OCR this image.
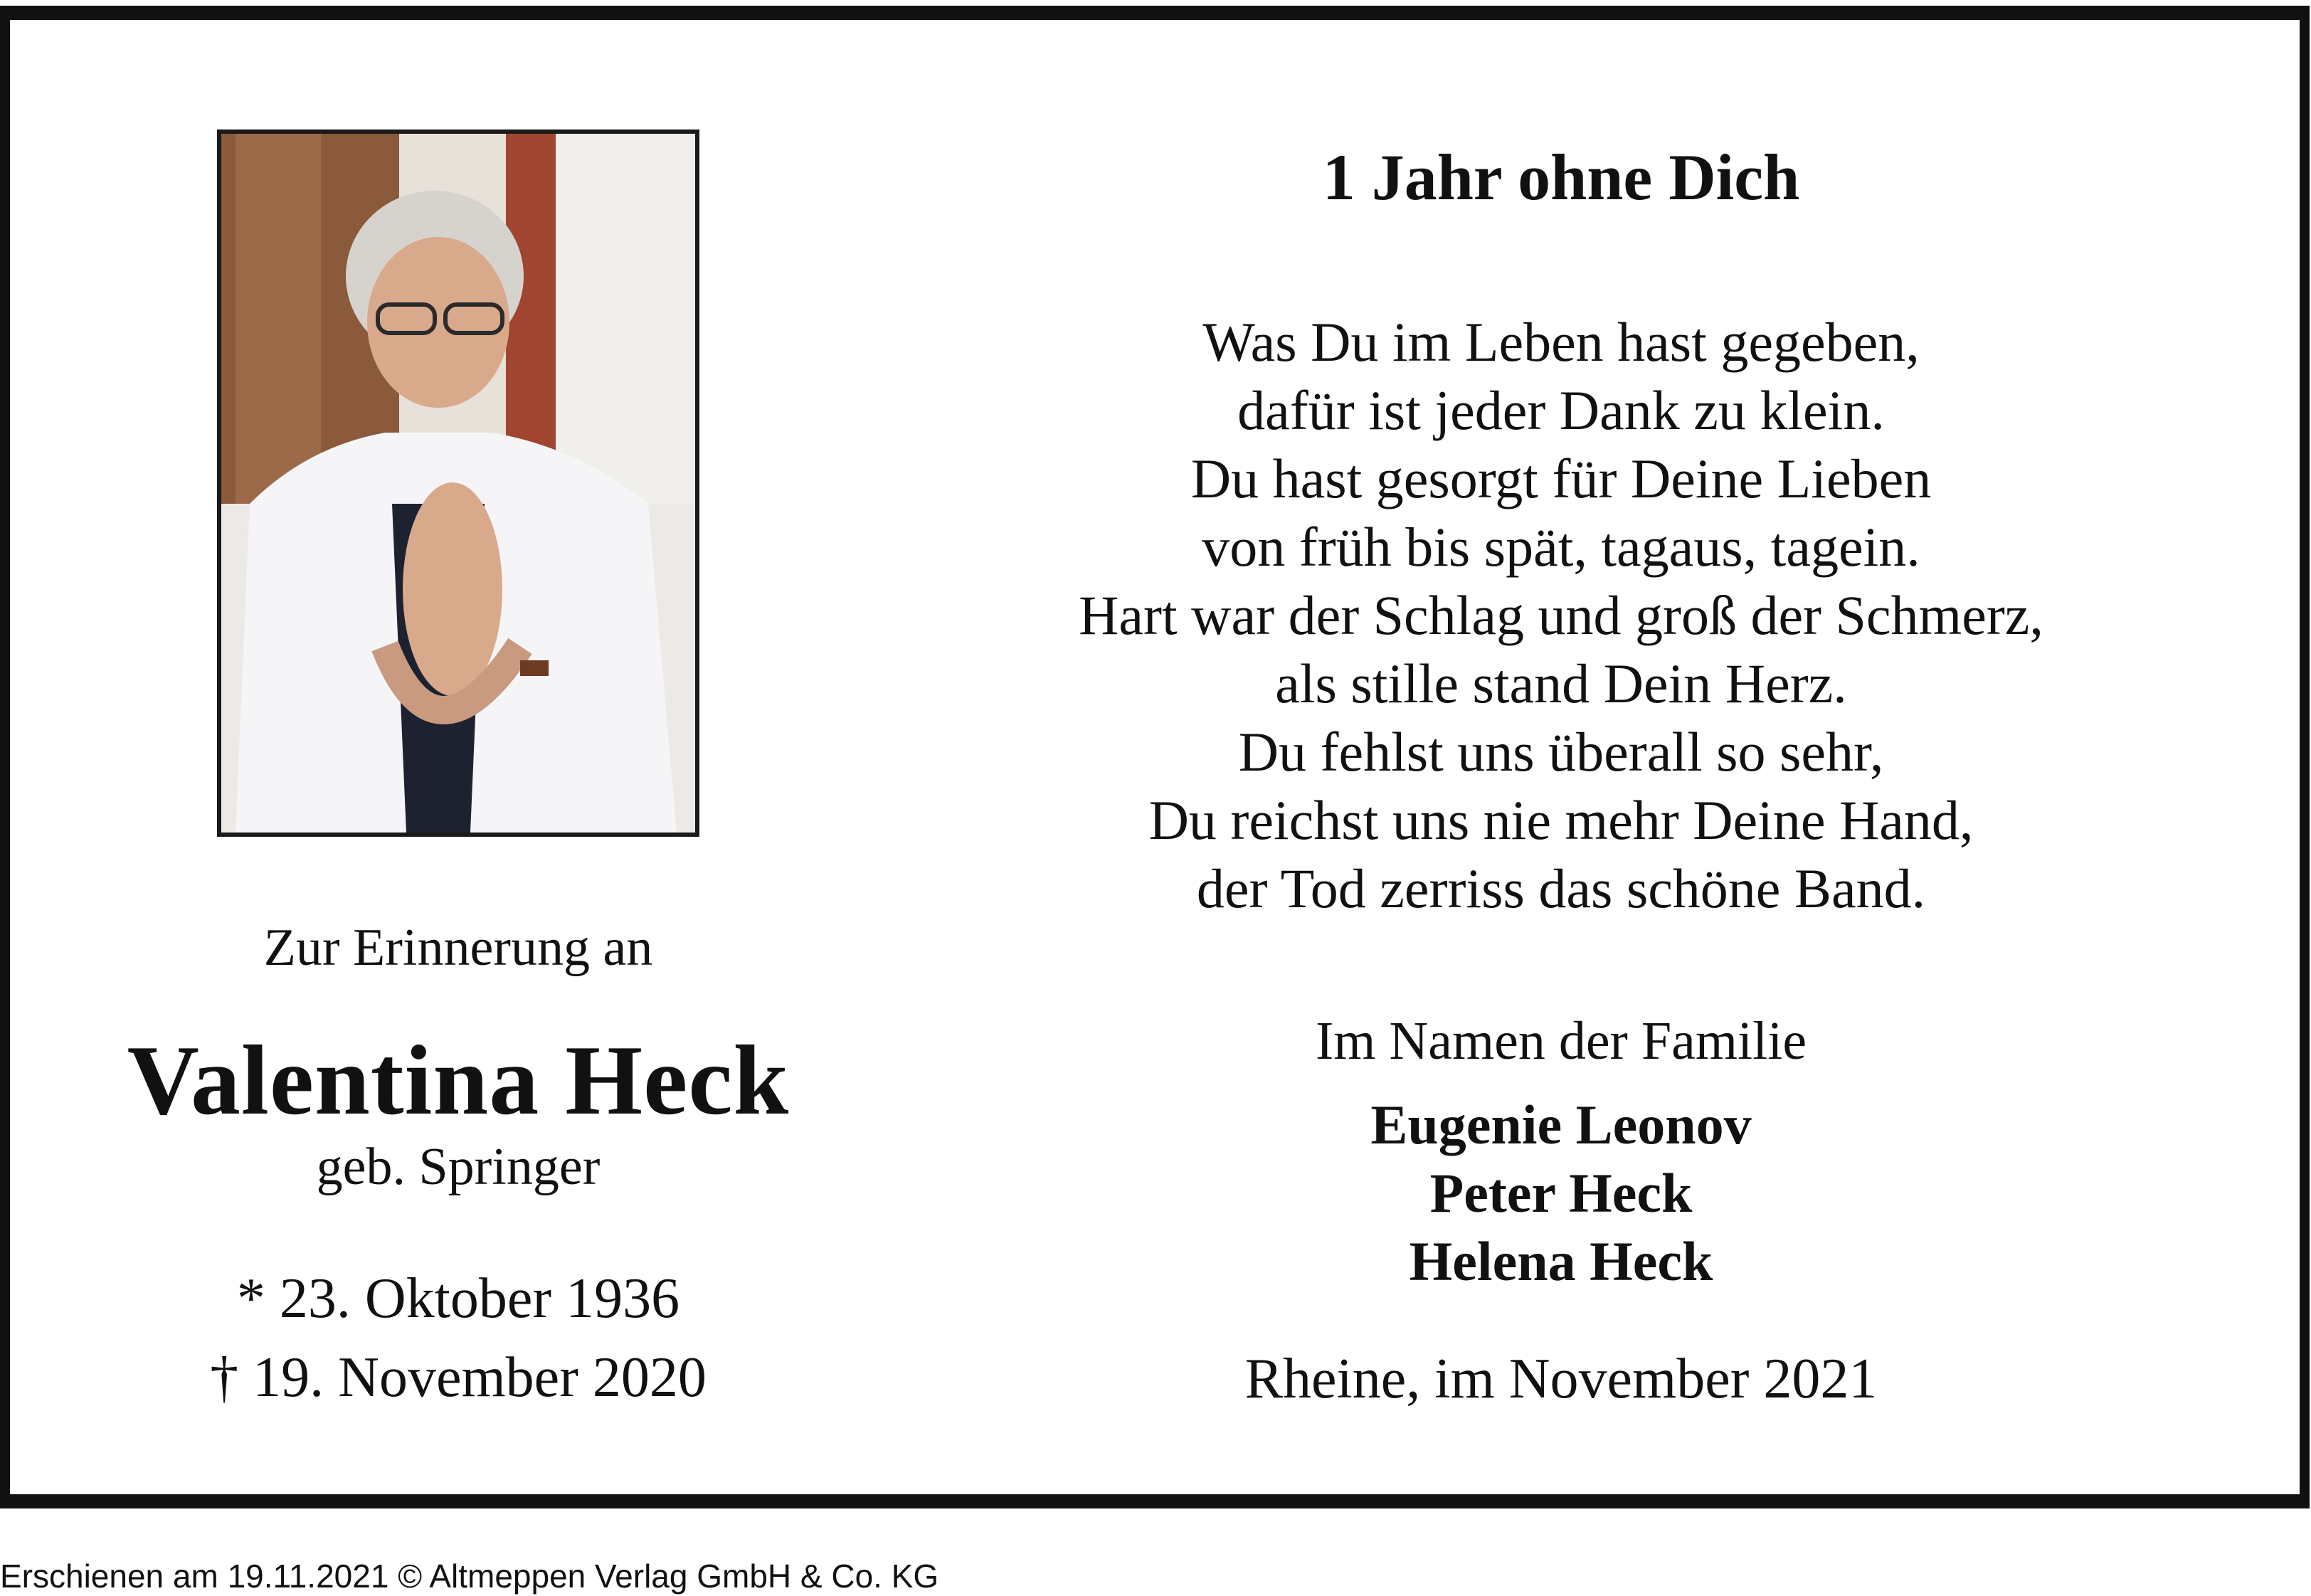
Zur Erinnerung an
Valentina Heck
geb. Springer
* 23. Oktober 1936
† 19. November 2020
1 Jahr ohne Dich
Was Du im Leben hast gegeben,
dafür ist jeder Dank zu klein.
Du hast gesorgt für Deine Lieben
von früh bis spät, tagaus, tagein.
Hart war der Schlag und groß der Schmerz,
als stille stand Dein Herz.
Du fehlst uns überall so sehr,
Du reichst uns nie mehr Deine Hand,
der Tod zerriss das schöne Band.
Im Namen der Familie
Eugenie Leonov
Peter Heck
Helena Heck
Rheine, im November 2021
Erschienen am 19.11.2021 © Altmeppen Verlag GmbH & Co. KG
